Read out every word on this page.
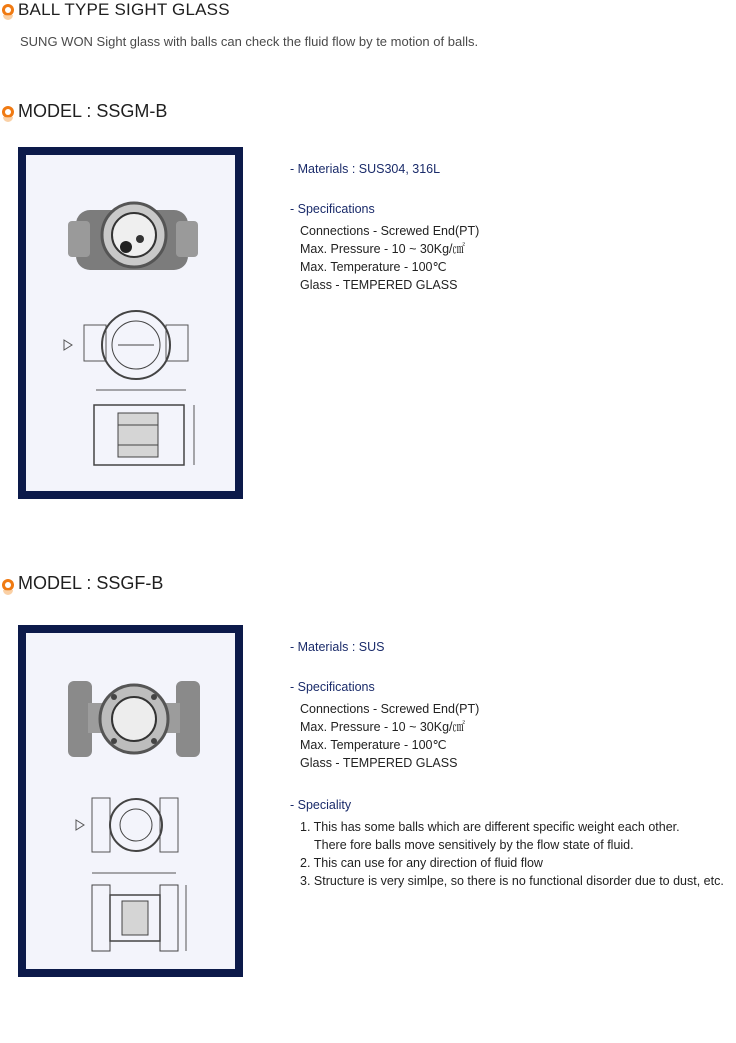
BALL TYPE SIGHT GLASS
SUNG WON Sight glass with balls can check the fluid flow by te motion of balls.
MODEL : SSGM-B
- Materials : SUS304, 316L
- Specifications
Connections - Screwed End(PT)
Max. Pressure - 10 ~ 30Kg/㎠
Max. Temperature - 100℃
Glass - TEMPERED GLASS
MODEL : SSGF-B
- Materials : SUS
- Specifications
Connections - Screwed End(PT)
Max. Pressure - 10 ~ 30Kg/㎠
Max. Temperature - 100℃
Glass - TEMPERED GLASS
- Speciality
1. This has some balls which are different specific weight each other.
There fore balls move sensitively by the flow state of fluid.
2. This can use for any direction of fluid flow
3. Structure is very simlpe, so there is no functional disorder due to dust, etc.
